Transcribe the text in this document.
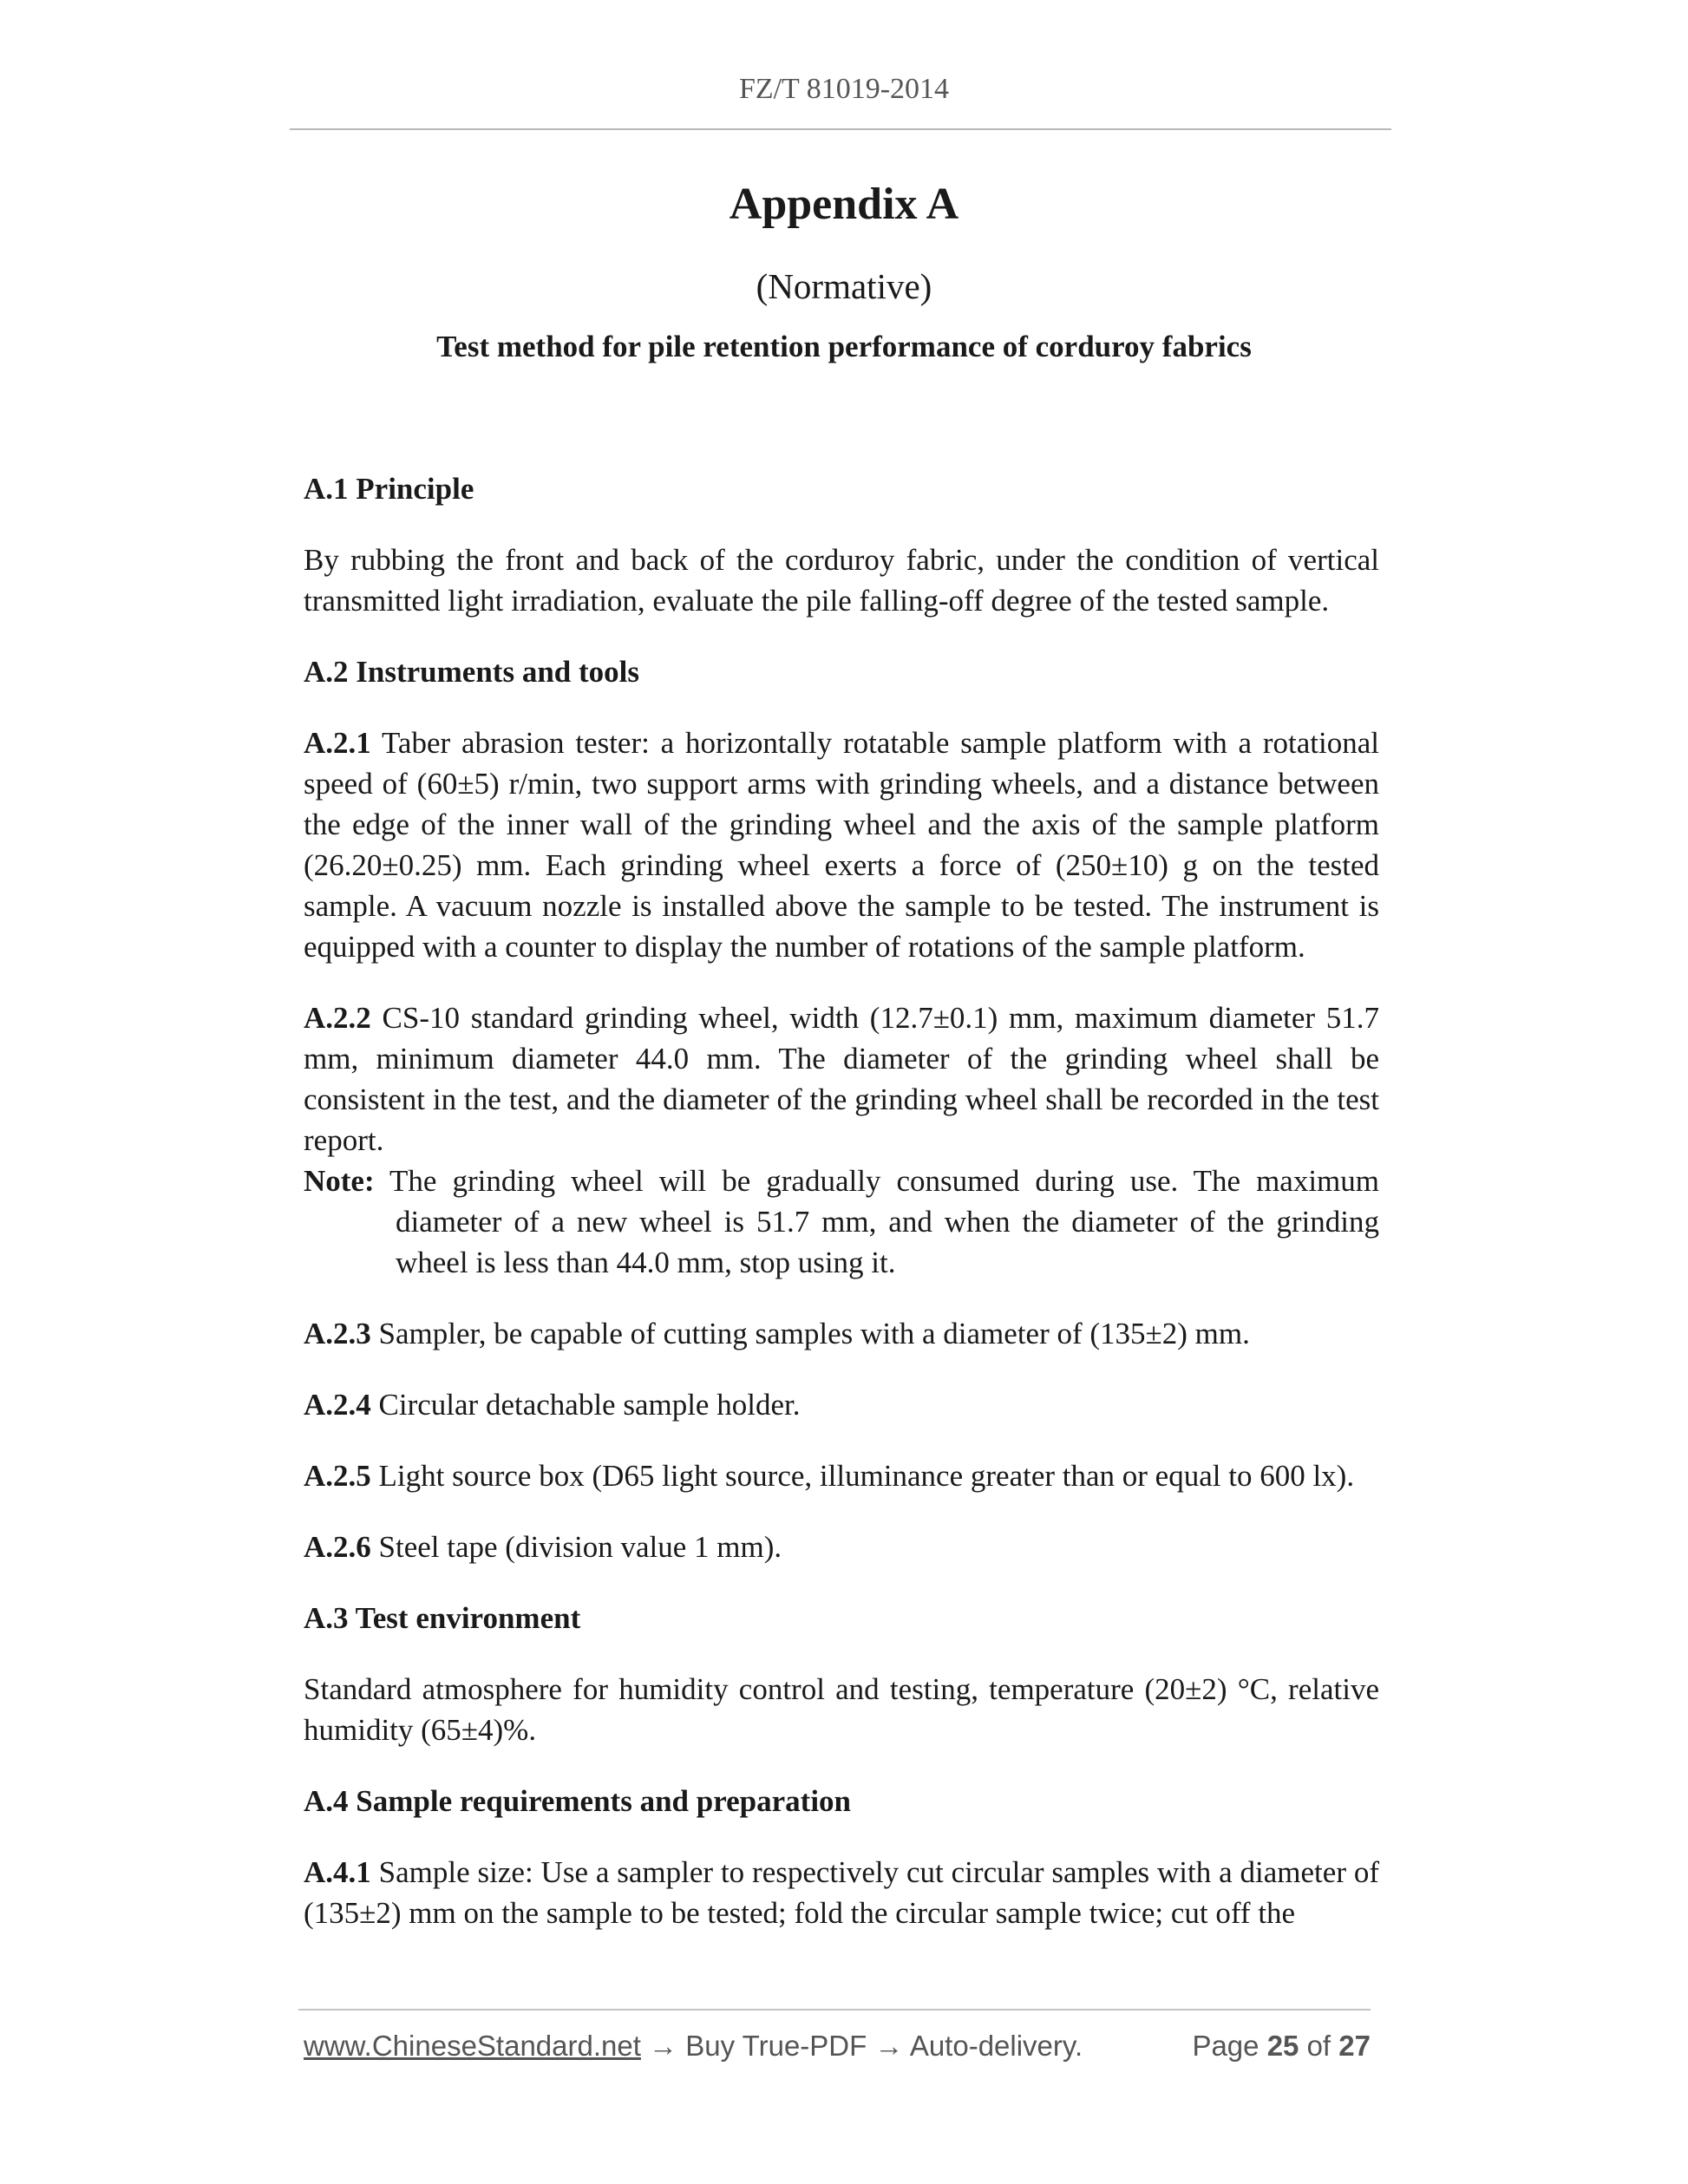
FZ/T 81019-2014
Appendix A
(Normative)
Test method for pile retention performance of corduroy fabrics

A.1 Principle

By rubbing the front and back of the corduroy fabric, under the condition of vertical transmitted light irradiation, evaluate the pile falling-off degree of the tested sample.

A.2 Instruments and tools

A.2.1 Taber abrasion tester: a horizontally rotatable sample platform with a rotational speed of (60±5) r/min, two support arms with grinding wheels, and a distance between the edge of the inner wall of the grinding wheel and the axis of the sample platform (26.20±0.25) mm. Each grinding wheel exerts a force of (250±10) g on the tested sample. A vacuum nozzle is installed above the sample to be tested. The instrument is equipped with a counter to display the number of rotations of the sample platform.

A.2.2 CS-10 standard grinding wheel, width (12.7±0.1) mm, maximum diameter 51.7 mm, minimum diameter 44.0 mm. The diameter of the grinding wheel shall be consistent in the test, and the diameter of the grinding wheel shall be recorded in the test report.

Note: The grinding wheel will be gradually consumed during use. The maximum diameter of a new wheel is 51.7 mm, and when the diameter of the grinding wheel is less than 44.0 mm, stop using it.

A.2.3 Sampler, be capable of cutting samples with a diameter of (135±2) mm.

A.2.4 Circular detachable sample holder.

A.2.5 Light source box (D65 light source, illuminance greater than or equal to 600 lx).

A.2.6 Steel tape (division value 1 mm).

A.3 Test environment

Standard atmosphere for humidity control and testing, temperature (20±2) °C, relative humidity (65±4)%.

A.4 Sample requirements and preparation

A.4.1 Sample size: Use a sampler to respectively cut circular samples with a diameter of (135±2) mm on the sample to be tested; fold the circular sample twice; cut off the

www.ChineseStandard.net → Buy True-PDF → Auto-delivery.	Page 25 of 27
